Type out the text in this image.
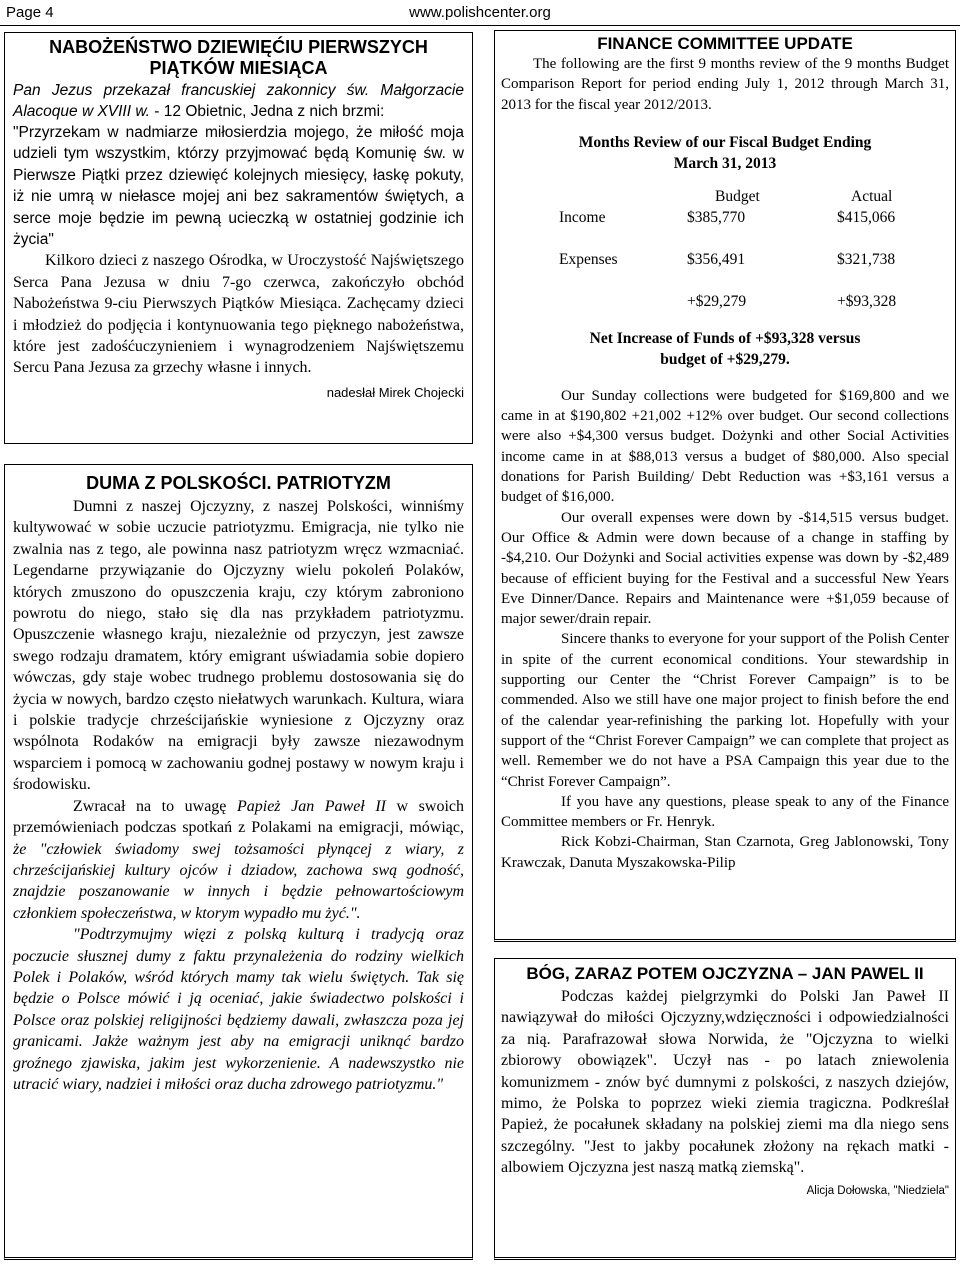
Page 4	www.polishcenter.org
NABOŻEŃSTWO DZIEWIĘĆIU PIERWSZYCH
PIĄTKÓW MIESIĄCA
Pan Jezus przekazał francuskiej zakonnicy św. Małgorzacie Alacoque w XVIII w. - 12 Obietnic, Jedna z nich brzmi:

"Przyrzekam w nadmiarze miłosierdzia mojego, że miłość moja udzieli tym wszystkim, którzy przyjmować będą Komunię św. w Pierwsze Piątki przez dziewięć kolejnych miesięcy, łaskę pokuty, iż nie umrą w niełasce mojej ani bez sakramentów świętych, a serce moje będzie im pewną ucieczką w ostatniej godzinie ich życia"

Kilkoro dzieci z naszego Ośrodka, w Uroczystość Najświętszego Serca Pana Jezusa w dniu 7-go czerwca, zakończyło obchód Nabożeństwa 9-ciu Pierwszych Piątków Miesiąca. Zachęcamy dzieci i młodzież do podjęcia i kontynuowania tego pięknego nabożeństwa, które jest zadośćuczynieniem i wynagrodzeniem Najświętszemu Sercu Pana Jezusa za grzechy własne i innych.
nadesłał Mirek Chojecki

DUMA Z POLSKOŚCI. PATRIOTYZM

Dumni z naszej Ojczyzny, z naszej Polskości, winniśmy kultywować w sobie uczucie patriotyzmu. Emigracja, nie tylko nie zwalnia nas z tego, ale powinna nasz patriotyzm wręcz wzmacniać. Legendarne przywiązanie do Ojczyzny wielu pokoleń Polaków, których zmuszono do opuszczenia kraju, czy którym zabroniono powrotu do niego, stało się dla nas przykładem patriotyzmu. Opuszczenie własnego kraju, niezależnie od przyczyn, jest zawsze swego rodzaju dramatem, który emigrant uświadamia sobie dopiero wówczas, gdy staje wobec trudnego problemu dostosowania się do życia w nowych, bardzo często niełatwych warunkach. Kultura, wiara i polskie tradycje chrześcijańskie wyniesione z Ojczyzny oraz wspólnota Rodaków na emigracji były zawsze niezawodnym wsparciem i pomocą w zachowaniu godnej postawy w nowym kraju i środowisku.

Zwracał na to uwagę Papież Jan Paweł II w swoich przemówieniach podczas spotkań z Polakami na emigracji, mówiąc, że "człowiek świadomy swej tożsamości płynącej z wiary, z chrześcijańskiej kultury ojców i dziadow, zachowa swą godność, znajdzie poszanowanie w innych i będzie pełnowartościowym członkiem społeczeństwa, w ktorym wypadło mu żyć.".

"Podtrzymujmy więzi z polską kulturą i tradycją oraz poczucie słusznej dumy z faktu przynależenia do rodziny wielkich Polek i Polaków, wśród których mamy tak wielu świętych. Tak się będzie o Polsce mówić i ją oceniać, jakie świadectwo polskości i Polsce oraz polskiej religijności będziemy dawali, zwłaszcza poza jej granicami. Jakże ważnym jest aby na emigracji uniknąć bardzo groźnego zjawiska, jakim jest wykorzenienie. A nadewszystko nie utracić wiary, nadziei i miłości oraz ducha zdrowego patriotyzmu."

FINANCE COMMITTEE UPDATE

The following are the first 9 months review of the 9 months Budget Comparison Report for period ending July 1, 2012 through March 31, 2013 for the fiscal year 2012/2013.

Months Review of our Fiscal Budget Ending
March 31, 2013
	Budget	Actual
Income	$385,770	$415,066

Expenses	$356,491	$321,738

	+$29,279	+$93,328
Net Increase of Funds of +$93,328 versus
budget of +$29,279.

Our Sunday collections were budgeted for $169,800 and we came in at $190,802 +21,002 +12% over budget. Our second collections were also +$4,300 versus budget. Dożynki and other Social Activities income came in at $88,013 versus a budget of $80,000. Also special donations for Parish Building/ Debt Reduction was +$3,161 versus a budget of $16,000.

Our overall expenses were down by -$14,515 versus budget. Our Office & Admin were down because of a change in staffing by -$4,210. Our Dożynki and Social activities expense was down by -$2,489 because of efficient buying for the Festival and a successful New Years Eve Dinner/Dance. Repairs and Maintenance were +$1,059 because of major sewer/drain repair.

Sincere thanks to everyone for your support of the Polish Center in spite of the current economical conditions. Your stewardship in supporting our Center the “Christ Forever Campaign” is to be commended. Also we still have one major project to finish before the end of the calendar year-refinishing the parking lot. Hopefully with your support of the “Christ Forever Campaign” we can complete that project as well. Remember we do not have a PSA Campaign this year due to the “Christ Forever Campaign”.

If you have any questions, please speak to any of the Finance Committee members or Fr. Henryk.

Rick Kobzi-Chairman, Stan Czarnota, Greg Jablonowski, Tony Krawczak, Danuta Myszakowska-Pilip

BÓG, ZARAZ POTEM OJCZYZNA – JAN PAWEL II

Podczas każdej pielgrzymki do Polski Jan Paweł II nawiązywał do miłości Ojczyzny,wdzięczności i odpowiedzialności za nią. Parafrazował słowa Norwida, że "Ojczyzna to wielki zbiorowy obowiązek". Uczył nas - po latach zniewolenia komunizmem - znów być dumnymi z polskości, z naszych dziejów, mimo, że Polska to poprzez wieki ziemia tragiczna. Podkreślał Papież, że pocałunek składany na polskiej ziemi ma dla niego sens szczególny. "Jest to jakby pocałunek złożony na rękach matki - albowiem Ojczyzna jest naszą matką ziemską".

Alicja Dołowska, "Niedziela"
